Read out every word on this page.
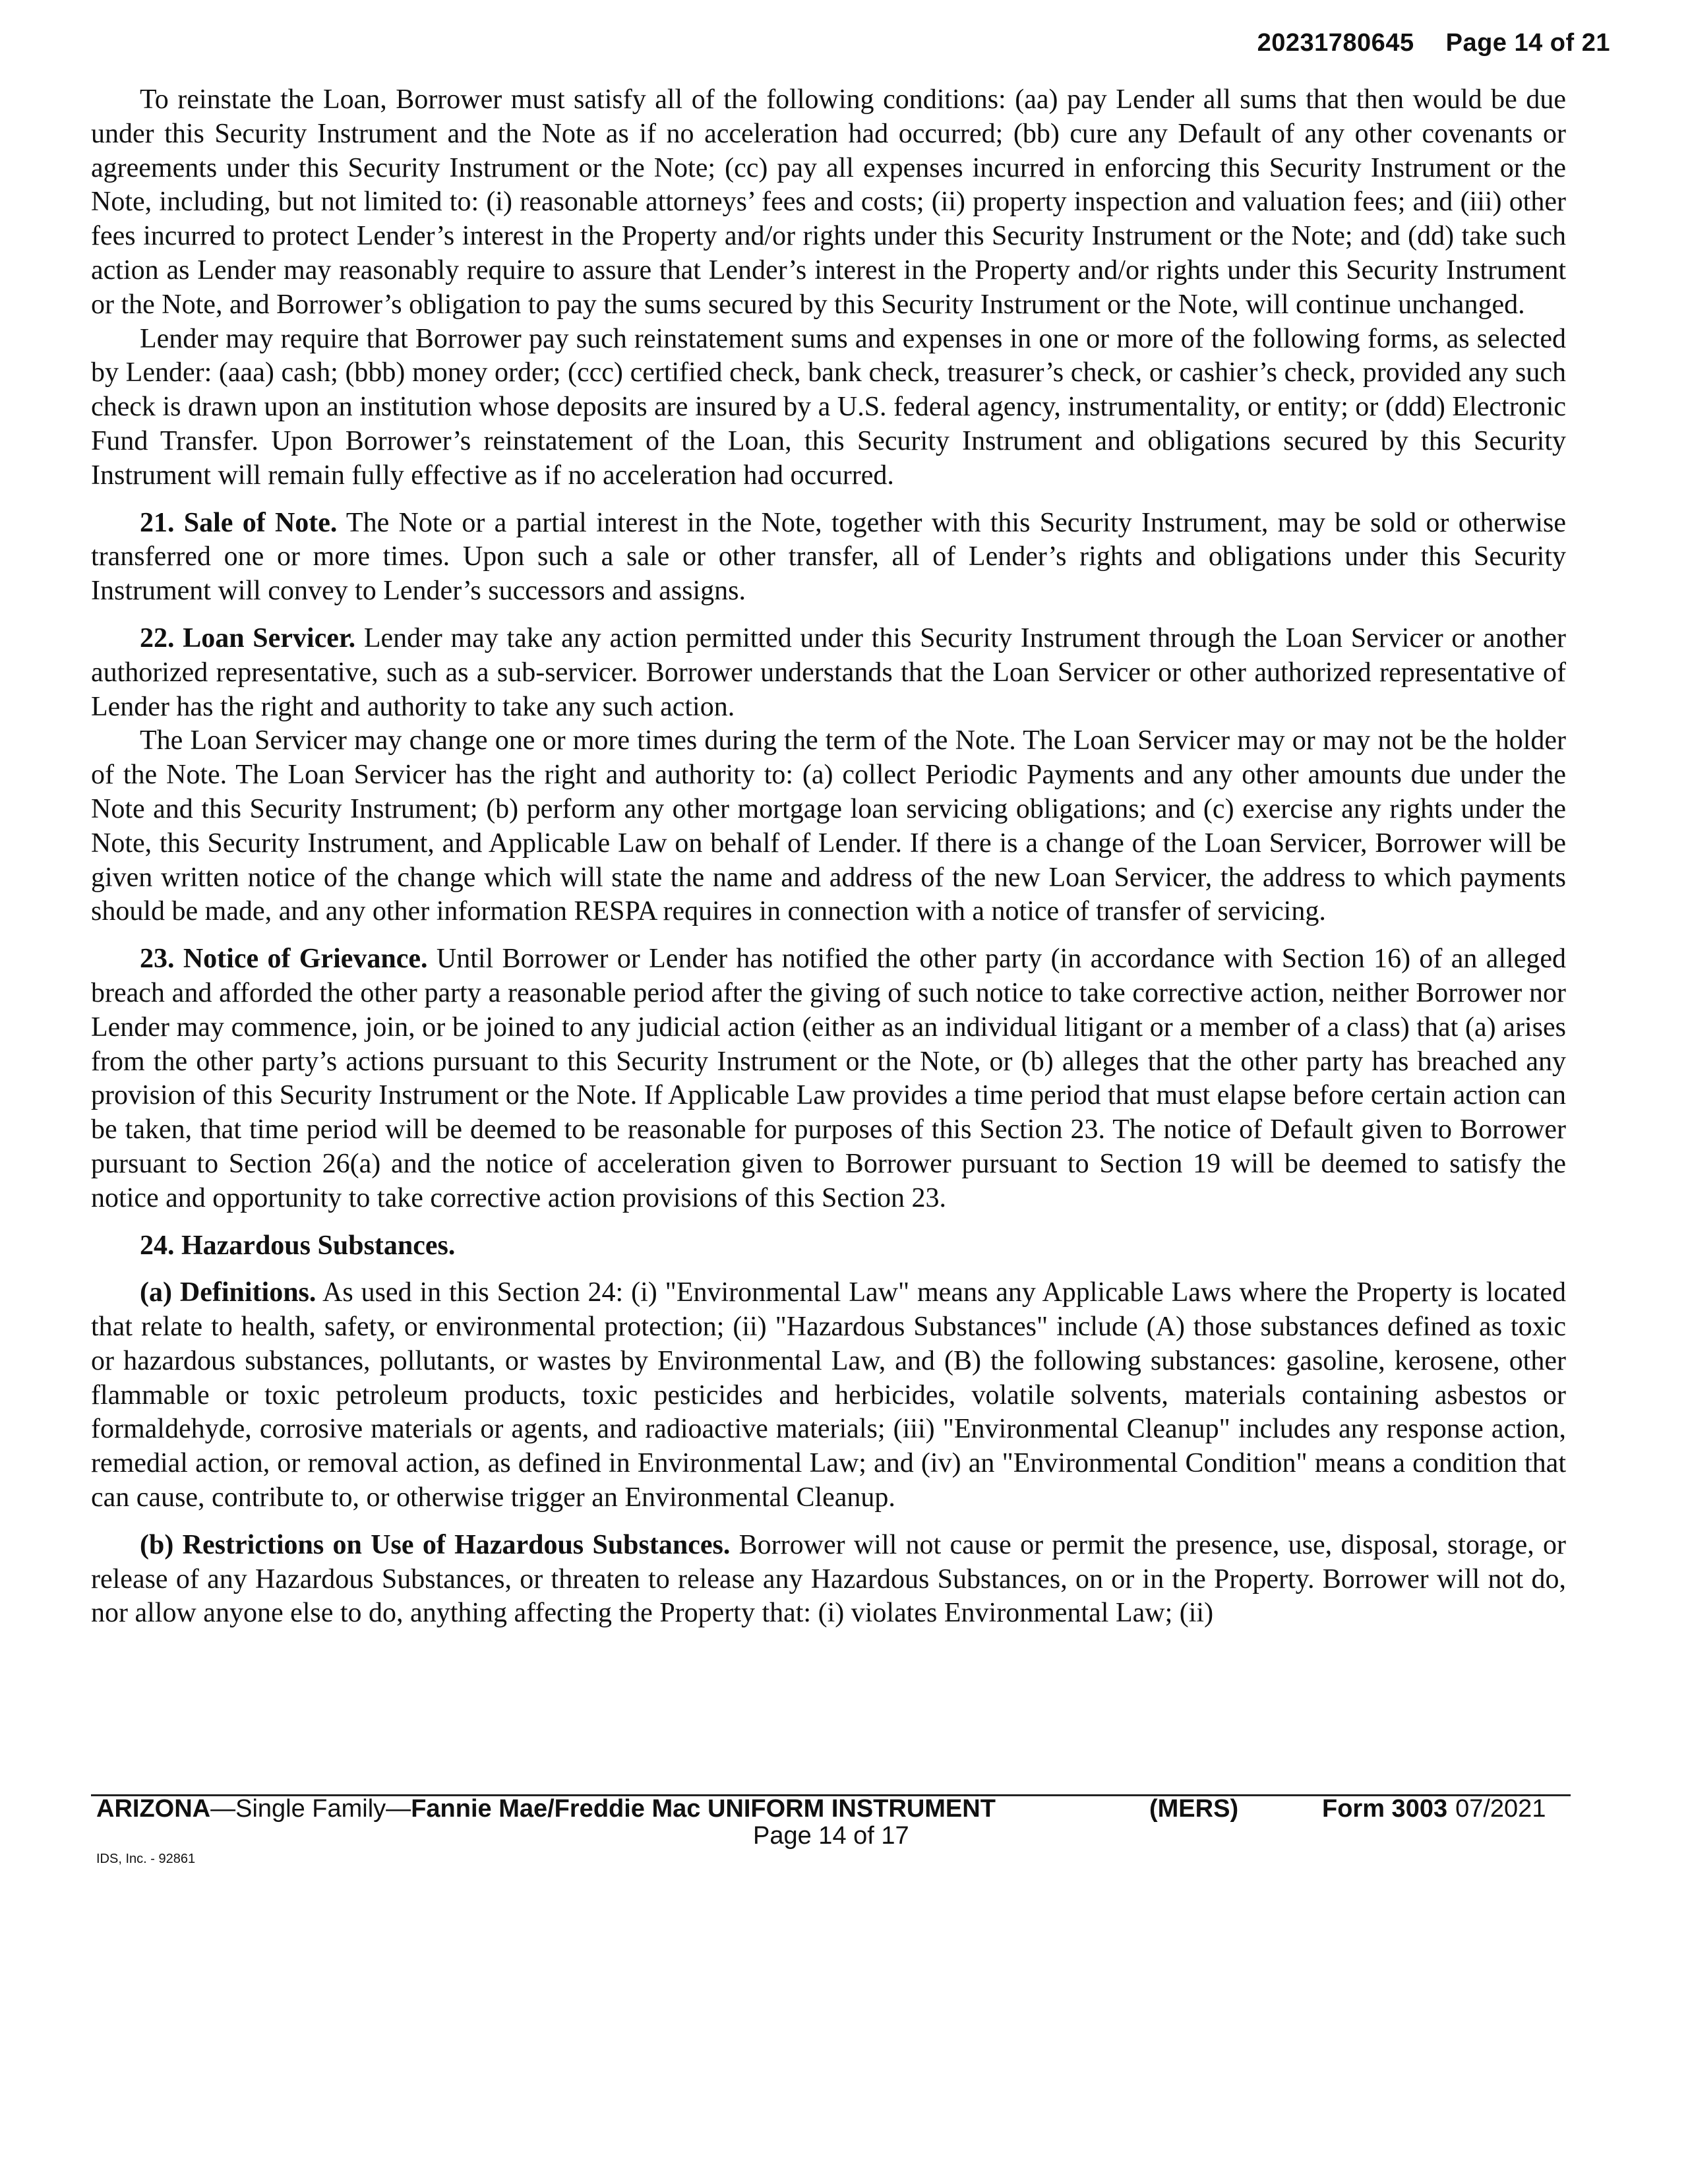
20231780645 Page 14 of 21

To reinstate the Loan, Borrower must satisfy all of the following conditions: (aa) pay Lender all sums that then would be due under this Security Instrument and the Note as if no acceleration had occurred; (bb) cure any Default of any other covenants or agreements under this Security Instrument or the Note; (cc) pay all expenses incurred in enforcing this Security Instrument or the Note, including, but not limited to: (i) reasonable attorneys’ fees and costs; (ii) property inspection and valuation fees; and (iii) other fees incurred to protect Lender’s interest in the Property and/or rights under this Security Instrument or the Note; and (dd) take such action as Lender may reasonably require to assure that Lender’s interest in the Property and/or rights under this Security Instrument or the Note, and Borrower’s obligation to pay the sums secured by this Security Instrument or the Note, will continue unchanged.

Lender may require that Borrower pay such reinstatement sums and expenses in one or more of the following forms, as selected by Lender: (aaa) cash; (bbb) money order; (ccc) certified check, bank check, treasurer’s check, or cashier’s check, provided any such check is drawn upon an institution whose deposits are insured by a U.S. federal agency, instrumentality, or entity; or (ddd) Electronic Fund Transfer. Upon Borrower’s reinstatement of the Loan, this Security Instrument and obligations secured by this Security Instrument will remain fully effective as if no acceleration had occurred.

21. Sale of Note. The Note or a partial interest in the Note, together with this Security Instrument, may be sold or otherwise transferred one or more times. Upon such a sale or other transfer, all of Lender’s rights and obligations under this Security Instrument will convey to Lender’s successors and assigns.

22. Loan Servicer. Lender may take any action permitted under this Security Instrument through the Loan Servicer or another authorized representative, such as a sub-servicer. Borrower understands that the Loan Servicer or other authorized representative of Lender has the right and authority to take any such action.

The Loan Servicer may change one or more times during the term of the Note. The Loan Servicer may or may not be the holder of the Note. The Loan Servicer has the right and authority to: (a) collect Periodic Payments and any other amounts due under the Note and this Security Instrument; (b) perform any other mortgage loan servicing obligations; and (c) exercise any rights under the Note, this Security Instrument, and Applicable Law on behalf of Lender. If there is a change of the Loan Servicer, Borrower will be given written notice of the change which will state the name and address of the new Loan Servicer, the address to which payments should be made, and any other information RESPA requires in connection with a notice of transfer of servicing.

23. Notice of Grievance. Until Borrower or Lender has notified the other party (in accordance with Section 16) of an alleged breach and afforded the other party a reasonable period after the giving of such notice to take corrective action, neither Borrower nor Lender may commence, join, or be joined to any judicial action (either as an individual litigant or a member of a class) that (a) arises from the other party’s actions pursuant to this Security Instrument or the Note, or (b) alleges that the other party has breached any provision of this Security Instrument or the Note. If Applicable Law provides a time period that must elapse before certain action can be taken, that time period will be deemed to be reasonable for purposes of this Section 23. The notice of Default given to Borrower pursuant to Section 26(a) and the notice of acceleration given to Borrower pursuant to Section 19 will be deemed to satisfy the notice and opportunity to take corrective action provisions of this Section 23.

24. Hazardous Substances.

(a) Definitions. As used in this Section 24: (i) "Environmental Law" means any Applicable Laws where the Property is located that relate to health, safety, or environmental protection; (ii) "Hazardous Substances" include (A) those substances defined as toxic or hazardous substances, pollutants, or wastes by Environmental Law, and (B) the following substances: gasoline, kerosene, other flammable or toxic petroleum products, toxic pesticides and herbicides, volatile solvents, materials containing asbestos or formaldehyde, corrosive materials or agents, and radioactive materials; (iii) "Environmental Cleanup" includes any response action, remedial action, or removal action, as defined in Environmental Law; and (iv) an "Environmental Condition" means a condition that can cause, contribute to, or otherwise trigger an Environmental Cleanup.

(b) Restrictions on Use of Hazardous Substances. Borrower will not cause or permit the presence, use, disposal, storage, or release of any Hazardous Substances, or threaten to release any Hazardous Substances, on or in the Property. Borrower will not do, nor allow anyone else to do, anything affecting the Property that: (i) violates Environmental Law; (ii)

ARIZONA—Single Family—Fannie Mae/Freddie Mac UNIFORM INSTRUMENT	(MERS)	Form 3003 07/2021
Page 14 of 17
IDS, Inc. - 92861
